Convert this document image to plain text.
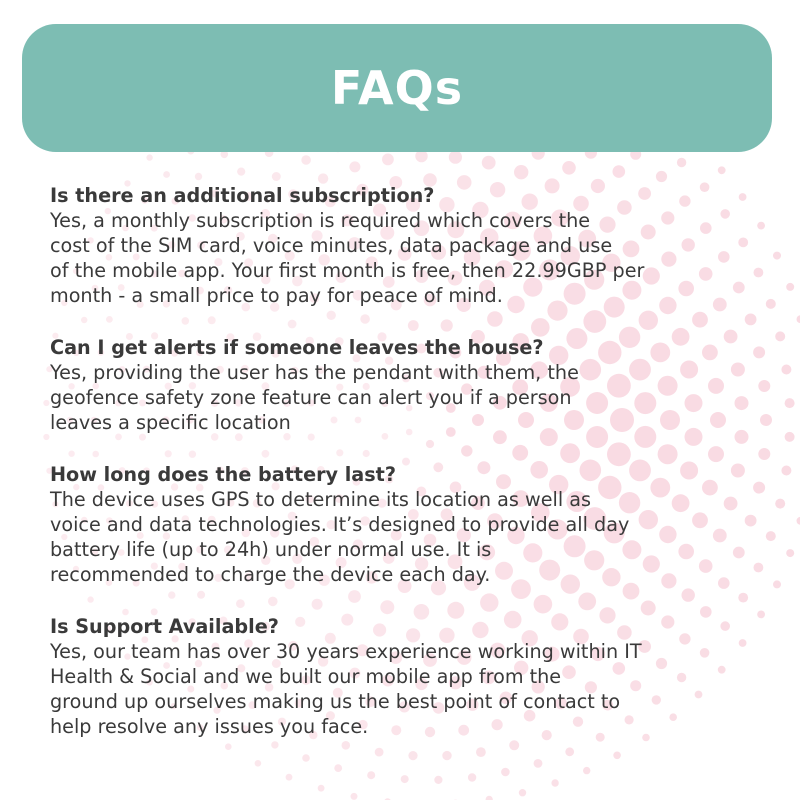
FAQs
Is there an additional subscription?
Yes, a monthly subscription is required which covers the
cost of the SIM card, voice minutes, data package and use
of the mobile app. Your first month is free, then 22.99GBP per
month - a small price to pay for peace of mind.
Can I get alerts if someone leaves the house?
Yes, providing the user has the pendant with them, the
geofence safety zone feature can alert you if a person
leaves a specific location
How long does the battery last?
The device uses GPS to determine its location as well as
voice and data technologies. It’s designed to provide all day
battery life (up to 24h) under normal use. It is
recommended to charge the device each day.
Is Support Available?
Yes, our team has over 30 years experience working within IT
Health & Social and we built our mobile app from the
ground up ourselves making us the best point of contact to
help resolve any issues you face.
